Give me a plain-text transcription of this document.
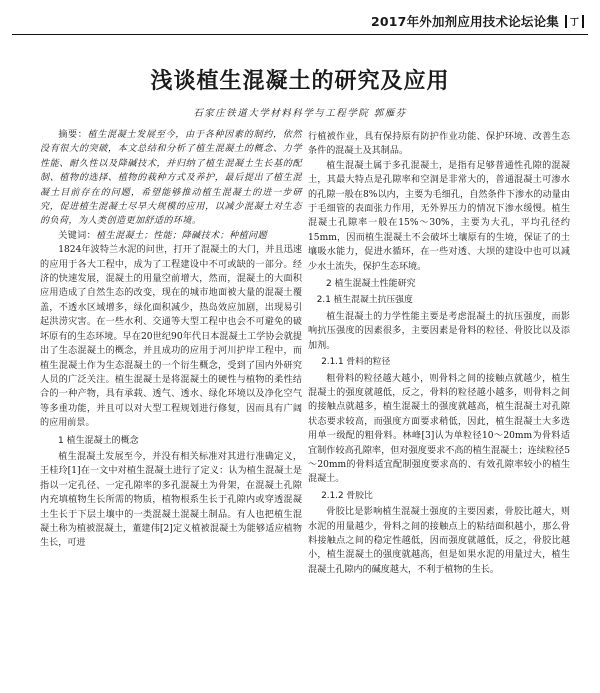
2017年外加剂应用技术论坛论集 丁
浅谈植生混凝土的研究及应用
石家庄铁道大学材料科学与工程学院 郭雁芬

摘要：植生混凝土发展至今，由于各种因素的制约，依然没有很大的突破，本文总结和分析了植生混凝土的概念、力学性能、耐久性以及降碱技术，并归纳了植生混凝土生长基的配制、植物的选择、植物的栽种方式及养护，最后提出了植生混凝土目前存在的问题，希望能够推动植生混凝土的进一步研究，促进植生混凝土尽早大规模的应用，以减少混凝土对生态的负荷，为人类创造更加舒适的环境。

关键词：植生混凝土；性能；降碱技术；种植问题

1824年波特兰水泥的问世，打开了混凝土的大门，并且迅速的应用于各大工程中，成为了工程建设中不可或缺的一部分。经济的快速发展，混凝土的用量空前增大，然而，混凝土的大面积应用造成了自然生态的改变，现在的城市地面被大量的混凝土覆盖，不透水区域增多，绿化面积减少，热岛效应加剧，出现易引起洪涝灾害。在一些水利、交通等大型工程中也会不可避免的破坏原有的生态环境。早在20世纪90年代日本混凝土工学协会就提出了生态混凝土的概念，并且成功的应用于河川护岸工程中，而植生混凝土作为生态混凝土的一个衍生概念，受到了国内外研究人员的广泛关注。植生混凝土是将混凝土的硬性与植物的柔性结合的一种产物，具有承载、透气、透水、绿化环境以及净化空气等多重功能，并且可以对大型工程规划进行修复，因而具有广阔的应用前景。

1 植生混凝土的概念

植生混凝土发展至今，并没有相关标准对其进行准确定义，王桂玲[1]在一文中对植生混凝土进行了定义：认为植生混凝土是指以一定孔径、一定孔隙率的多孔混凝土为骨架，在混凝土孔隙内充填植物生长所需的物质，植物根系生长于孔隙内或穿透混凝土生长于下层土壤中的一类混凝土混凝土制品。有人也把植生混凝土称为植被混凝土，董建伟[2]定义植被混凝土为能够适应植物生长，可进

行植被作业，具有保持原有防护作业功能、保护环境、改善生态条件的混凝土及其制品。

植生混凝土属于多孔混凝土，是指有足够普通性孔隙的混凝土，其最大特点是孔隙率和空洞是非常大的，普通混凝土可渗水的孔隙一般在8%以内，主要为毛细孔，自然条件下渗水的动量由于毛细管的表面张力作用，无外界压力的情况下渗水缓慢。植生混凝土孔隙率一般在15%～30%，主要为大孔，平均孔径约15mm，因而植生混凝土不会破坏土壤原有的生境，保证了的土壤吸水能力，促进水循环，在一些对透、大坝的建设中也可以减少水土流失，保护生态环境。

2 植生混凝土性能研究
2.1 植生混凝土抗压强度

植生混凝土的力学性能主要是考虑混凝土的抗压强度，而影响抗压强度的因素很多，主要因素是骨料的粒径、骨胶比以及添加剂。

2.1.1 骨料的粒径

粗骨料的粒径越大越小，则骨料之间的接触点就越少，植生混凝土的强度就越低，反之，骨料的粒径越小越多，则骨料之间的接触点就越多，植生混凝土的强度就越高，植生混凝土对孔隙状态要求较高，而强度方面要求稍低，因此，植生混凝土大多选用单一级配的粗骨料。林峰[3]认为单粒径10～20mm为骨料适宜制作较高孔隙率，但对强度要求不高的植生混凝土；连续粒径5～20mm的骨料适宜配制强度要求高的、有效孔隙率较小的植生混凝土。

2.1.2 骨胶比

骨胶比是影响植生混凝土强度的主要因素，骨胶比越大，则水泥的用量越少，骨料之间的接触点上的粘结面积越小，那么骨料接触点之间的稳定性越低，因而强度就越低，反之，骨胶比越小，植生混凝土的强度就越高，但是如果水泥的用量过大，植生混凝土孔隙内的碱度越大，不利于植物的生长。
